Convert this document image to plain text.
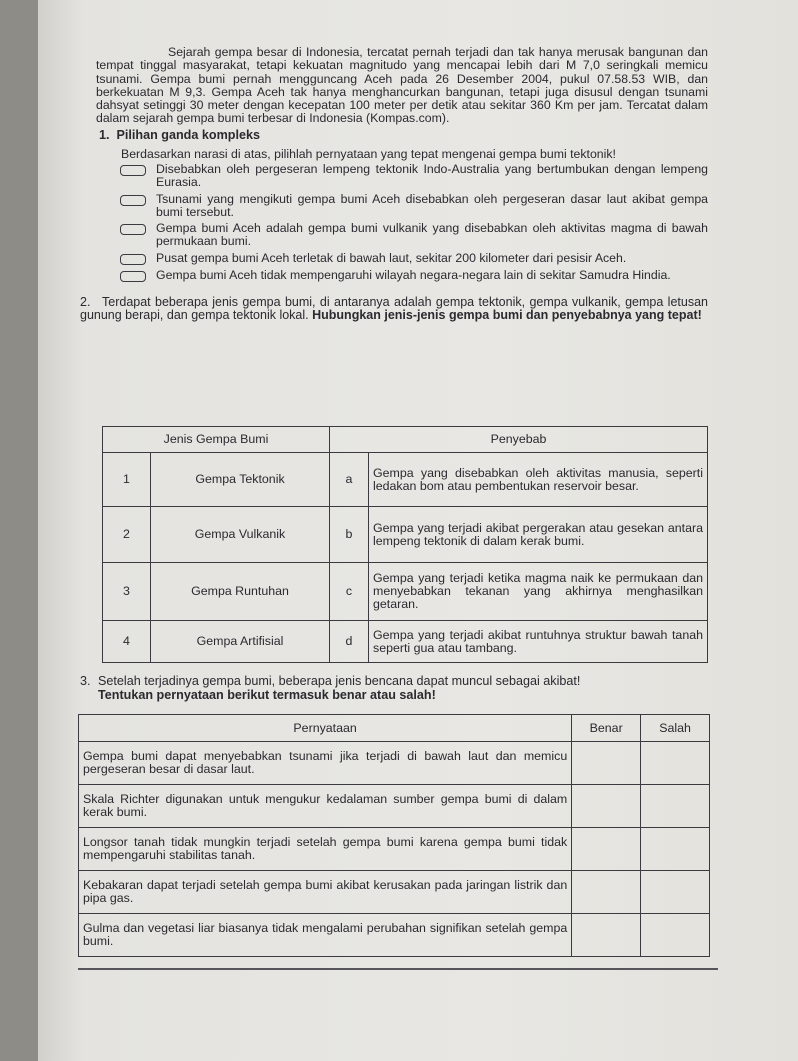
Sejarah gempa besar di Indonesia, tercatat pernah terjadi dan tak hanya merusak bangunan dan tempat tinggal masyarakat, tetapi kekuatan magnitudo yang mencapai lebih dari M 7,0 seringkali memicu tsunami. Gempa bumi pernah mengguncang Aceh pada 26 Desember 2004, pukul 07.58.53 WIB, dan berkekuatan M 9,3. Gempa Aceh tak hanya menghancurkan bangunan, tetapi juga disusul dengan tsunami dahsyat setinggi 30 meter dengan kecepatan 100 meter per detik atau sekitar 360 Km per jam. Tercatat dalam dalam sejarah gempa bumi terbesar di Indonesia (Kompas.com).

1. Pilihan ganda kompleks
Berdasarkan narasi di atas, pilihlah pernyataan yang tepat mengenai gempa bumi tektonik!
Disebabkan oleh pergeseran lempeng tektonik Indo-Australia yang bertumbukan dengan lempeng Eurasia.
Tsunami yang mengikuti gempa bumi Aceh disebabkan oleh pergeseran dasar laut akibat gempa bumi tersebut.
Gempa bumi Aceh adalah gempa bumi vulkanik yang disebabkan oleh aktivitas magma di bawah permukaan bumi.
Pusat gempa bumi Aceh terletak di bawah laut, sekitar 200 kilometer dari pesisir Aceh.
Gempa bumi Aceh tidak mempengaruhi wilayah negara-negara lain di sekitar Samudra Hindia.
2. Terdapat beberapa jenis gempa bumi, di antaranya adalah gempa tektonik, gempa vulkanik, gempa letusan gunung berapi, dan gempa tektonik lokal. Hubungkan jenis-jenis gempa bumi dan penyebabnya yang tepat!
Jenis Gempa Bumi		Penyebab	
1	Gempa Tektonik	a	Gempa yang disebabkan oleh aktivitas manusia, seperti ledakan bom atau pembentukan reservoir besar.
2	Gempa Vulkanik	b	Gempa yang terjadi akibat pergerakan atau gesekan antara lempeng tektonik di dalam kerak bumi.
3	Gempa Runtuhan	c	Gempa yang terjadi ketika magma naik ke permukaan dan menyebabkan tekanan yang akhirnya menghasilkan getaran.
4	Gempa Artifisial	d	Gempa yang terjadi akibat runtuhnya struktur bawah tanah seperti gua atau tambang.
3. Setelah terjadinya gempa bumi, beberapa jenis bencana dapat muncul sebagai akibat!
Tentukan pernyataan berikut termasuk benar atau salah!
Pernyataan	Benar	Salah
Gempa bumi dapat menyebabkan tsunami jika terjadi di bawah laut dan memicu pergeseran besar di dasar laut.		
Skala Richter digunakan untuk mengukur kedalaman sumber gempa bumi di dalam kerak bumi.		
Longsor tanah tidak mungkin terjadi setelah gempa bumi karena gempa bumi tidak mempengaruhi stabilitas tanah.		
Kebakaran dapat terjadi setelah gempa bumi akibat kerusakan pada jaringan listrik dan pipa gas.		
Gulma dan vegetasi liar biasanya tidak mengalami perubahan signifikan setelah gempa bumi.		
